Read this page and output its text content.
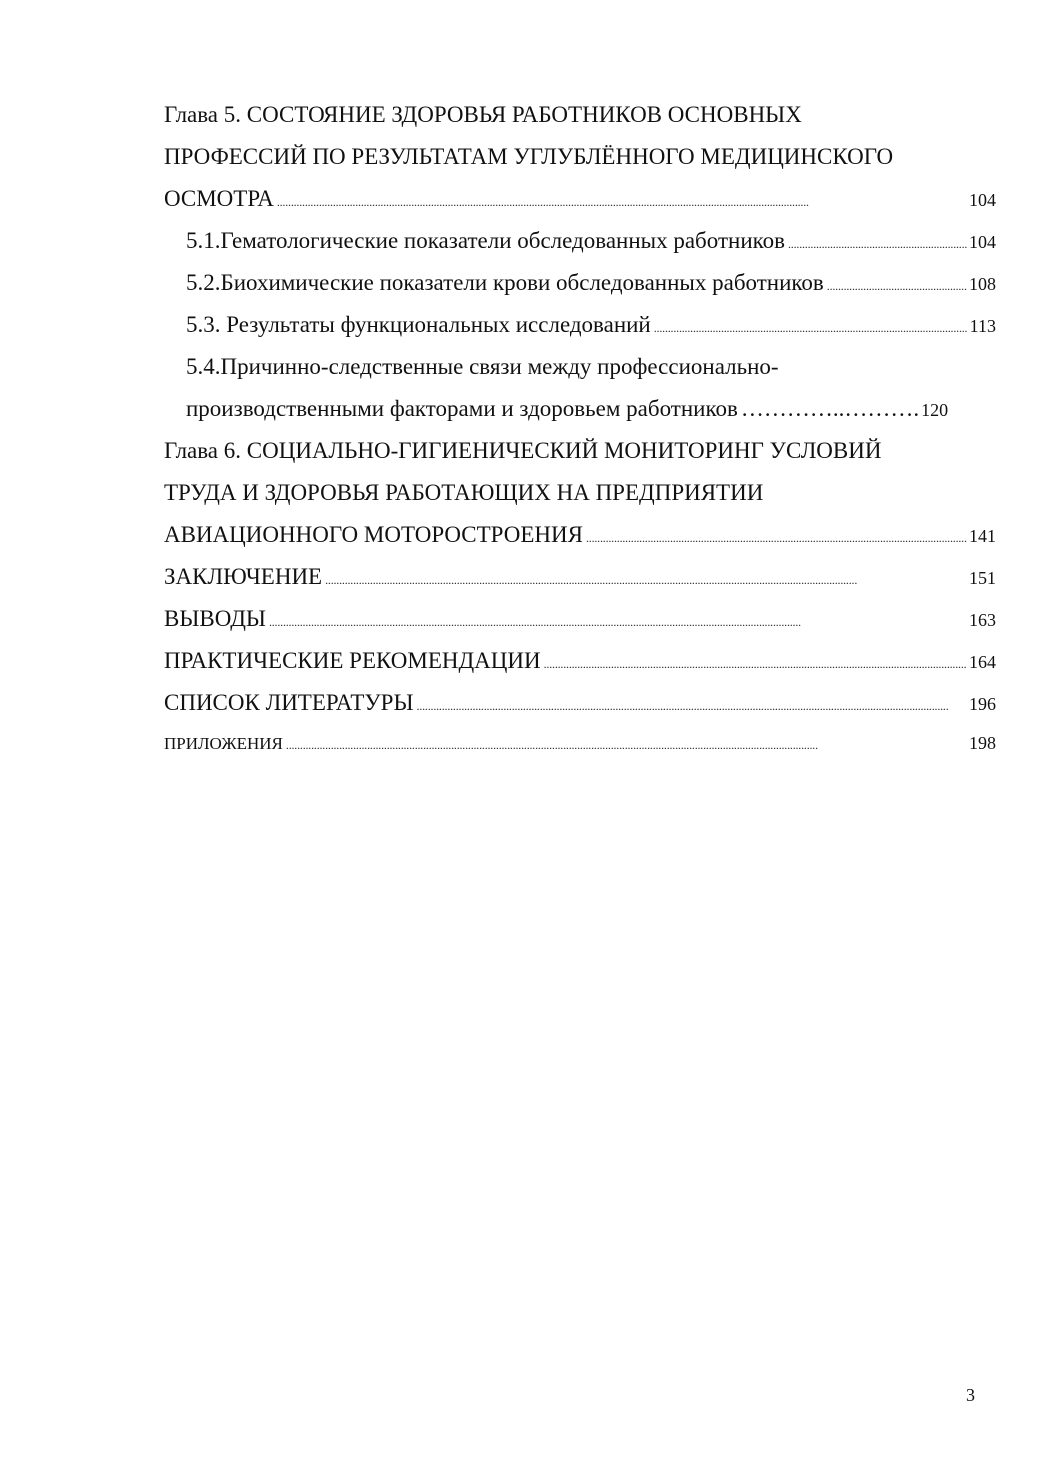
Глава 5. СОСТОЯНИЕ ЗДОРОВЬЯ РАБОТНИКОВ ОСНОВНЫХ
ПРОФЕССИЙ ПО РЕЗУЛЬТАТАМ УГЛУБЛЁННОГО МЕДИЦИНСКОГО
ОСМОТРА . . .	104
5.1.Гематологические показатели обследованных работников . . .	104
5.2.Биохимические показатели крови обследованных работников . . .	108
5.3. Результаты функциональных исследований . . .	113
5.4.Причинно-следственные связи между профессионально-
производственными факторами и здоровьем работников …………..………. 120
Глава 6. СОЦИАЛЬНО-ГИГИЕНИЧЕСКИЙ МОНИТОРИНГ УСЛОВИЙ
ТРУДА И ЗДОРОВЬЯ РАБОТАЮЩИХ НА ПРЕДПРИЯТИИ
АВИАЦИОННОГО МОТОРОСТРОЕНИЯ . . .	141
ЗАКЛЮЧЕНИЕ . . .	151
ВЫВОДЫ . . .	163
ПРАКТИЧЕСКИЕ РЕКОМЕНДАЦИИ . . .	164
СПИСОК ЛИТЕРАТУРЫ . . .	196
ПРИЛОЖЕНИЯ . . .	198
3
